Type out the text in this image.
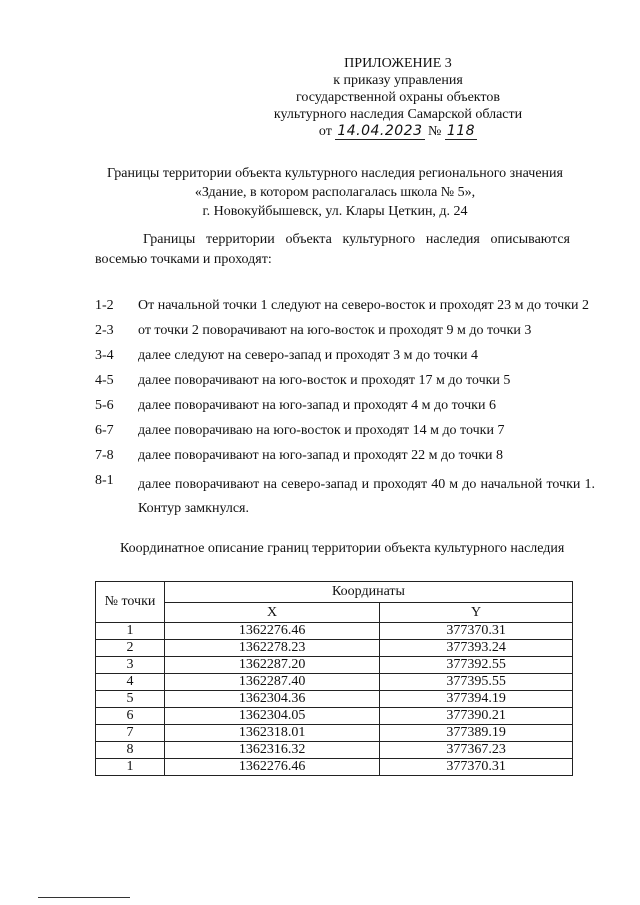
ПРИЛОЖЕНИЕ 3
к приказу управления
государственной охраны объектов
культурного наследия Самарской области
от 14.04.2023 № 118
Границы территории объекта культурного наследия регионального значения
«Здание, в котором располагалась школа № 5»,
г. Новокуйбышевск, ул. Клары Цеткин, д. 24
Границы территории объекта культурного наследия описываются
восемью точками и проходят:
1-2	От начальной точки 1 следуют на северо-восток и проходят 23 м до точки 2
2-3	от точки 2 поворачивают на юго-восток и проходят 9 м до точки 3
3-4	далее следуют на северо-запад и проходят 3 м до точки 4
4-5	далее поворачивают на юго-восток и проходят 17 м до точки 5
5-6	далее поворачивают на юго-запад и проходят 4 м до точки 6
6-7	далее поворачиваю на юго-восток и проходят 14 м до точки 7
7-8	далее поворачивают на юго-запад и проходят 22 м до точки 8
8-1	далее поворачивают на северо-запад и проходят 40 м до начальной точки 1.
Контур замкнулся.
Координатное описание границ территории объекта культурного наследия
№ точки	Координаты	
	X	Y
1	1362276.46	377370.31
2	1362278.23	377393.24
3	1362287.20	377392.55
4	1362287.40	377395.55
5	1362304.36	377394.19
6	1362304.05	377390.21
7	1362318.01	377389.19
8	1362316.32	377367.23
1	1362276.46	377370.31
